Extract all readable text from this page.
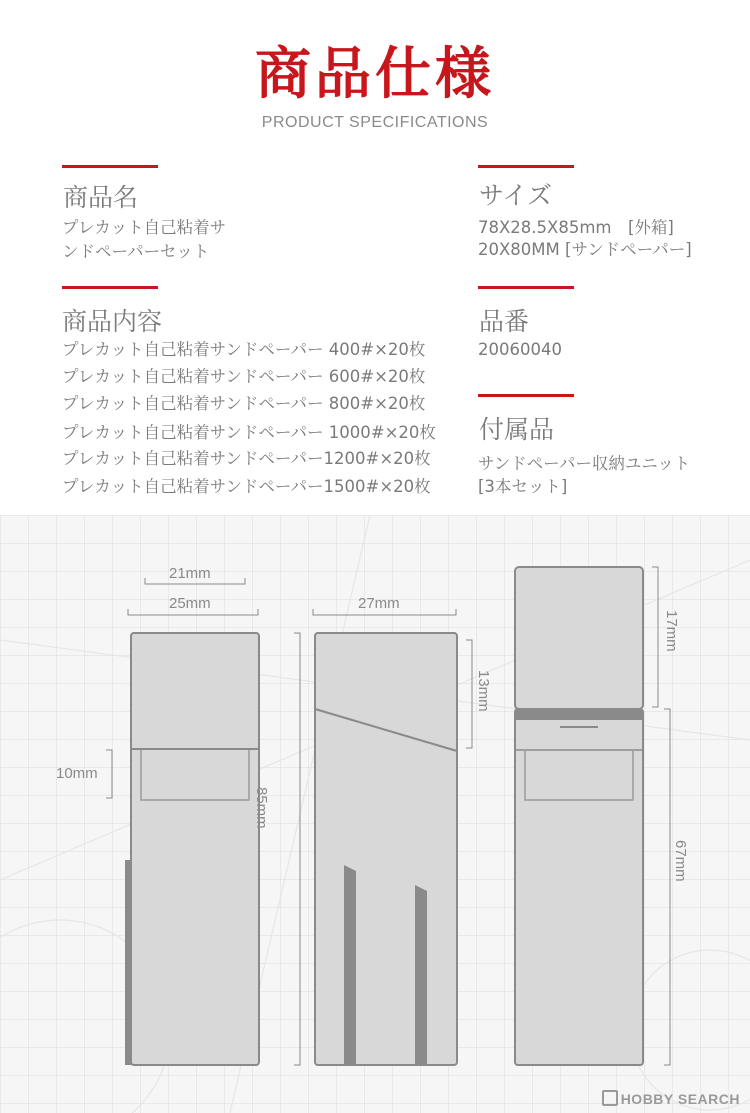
商品仕様
PRODUCT SPECIFICATIONS
商品名
プレカット自己粘着サ
ンドペーパーセット
サイズ
78X28.5X85mm　[外箱]
20X80MM [サンドペーパー]
商品内容
プレカット自己粘着サンドペーパー 400#×20枚
プレカット自己粘着サンドペーパー 600#×20枚
プレカット自己粘着サンドペーパー 800#×20枚
プレカット自己粘着サンドペーパー 1000#×20枚
プレカット自己粘着サンドペーパー1200#×20枚
プレカット自己粘着サンドペーパー1500#×20枚
品番
20060040
付属品
サンドペーパー収納ユニット
[3本セット]
21mm
25mm
10mm
27mm
85mm
13mm
17mm
67mm
HOBBY SEARCH
